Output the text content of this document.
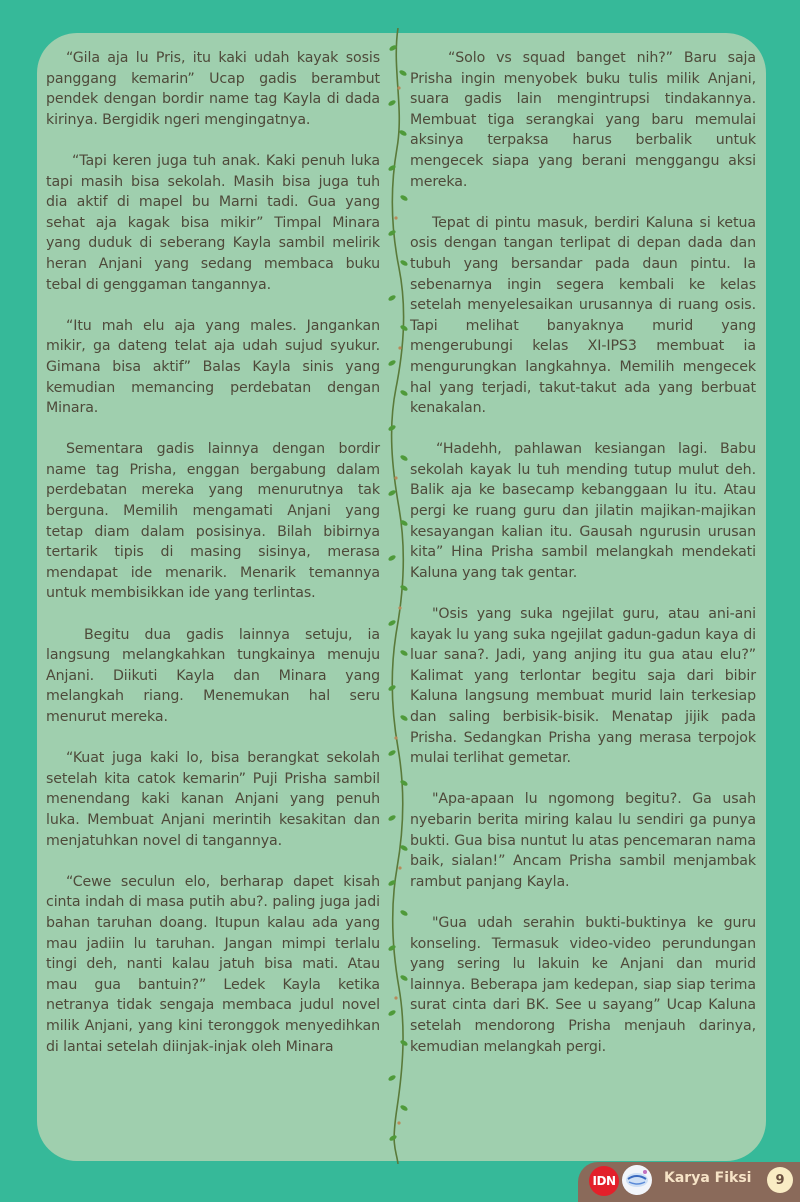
“Gila aja lu Pris, itu kaki udah kayak sosis panggang kemarin” Ucap gadis berambut pendek dengan bordir name tag Kayla di dada kirinya. Bergidik ngeri mengingatnya.

“Tapi keren juga tuh anak. Kaki penuh luka tapi masih bisa sekolah. Masih bisa juga tuh dia aktif di mapel bu Marni tadi. Gua yang sehat aja kagak bisa mikir” Timpal Minara yang duduk di seberang Kayla sambil melirik heran Anjani yang sedang membaca buku tebal di genggaman tangannya.

“Itu mah elu aja yang males. Jangankan mikir, ga dateng telat aja udah sujud syukur. Gimana bisa aktif” Balas Kayla sinis yang kemudian memancing perdebatan dengan Minara.

Sementara gadis lainnya dengan bordir name tag Prisha, enggan bergabung dalam perdebatan mereka yang menurutnya tak berguna. Memilih mengamati Anjani yang tetap diam dalam posisinya. Bilah bibirnya tertarik tipis di masing sisinya, merasa mendapat ide menarik. Menarik temannya untuk membisikkan ide yang terlintas.

Begitu dua gadis lainnya setuju, ia langsung melangkahkan tungkainya menuju Anjani. Diikuti Kayla dan Minara yang melangkah riang. Menemukan hal seru menurut mereka.

“Kuat juga kaki lo, bisa berangkat sekolah setelah kita catok kemarin” Puji Prisha sambil menendang kaki kanan Anjani yang penuh luka. Membuat Anjani merintih kesakitan dan menjatuhkan novel di tangannya.

“Cewe seculun elo, berharap dapet kisah cinta indah di masa putih abu?. paling juga jadi bahan taruhan doang. Itupun kalau ada yang mau jadiin lu taruhan. Jangan mimpi terlalu tingi deh, nanti kalau jatuh bisa mati. Atau mau gua bantuin?” Ledek Kayla ketika netranya tidak sengaja membaca judul novel milik Anjani, yang kini teronggok menyedihkan di lantai setelah diinjak-injak oleh Minara

“Solo vs squad banget nih?” Baru saja Prisha ingin menyobek buku tulis milik Anjani, suara gadis lain mengintrupsi tindakannya. Membuat tiga serangkai yang baru memulai aksinya terpaksa harus berbalik untuk mengecek siapa yang berani menggangu aksi mereka.

Tepat di pintu masuk, berdiri Kaluna si ketua osis dengan tangan terlipat di depan dada dan tubuh yang bersandar pada daun pintu. Ia sebenarnya ingin segera kembali ke kelas setelah menyelesaikan urusannya di ruang osis. Tapi melihat banyaknya murid yang mengerubungi kelas XI-IPS3 membuat ia mengurungkan langkahnya. Memilih mengecek hal yang terjadi, takut-takut ada yang berbuat kenakalan.

“Hadehh, pahlawan kesiangan lagi. Babu sekolah kayak lu tuh mending tutup mulut deh. Balik aja ke basecamp kebanggaan lu itu. Atau pergi ke ruang guru dan jilatin majikan-majikan kesayangan kalian itu. Gausah ngurusin urusan kita” Hina Prisha sambil melangkah mendekati Kaluna yang tak gentar.

"Osis yang suka ngejilat guru, atau ani-ani kayak lu yang suka ngejilat gadun-gadun kaya di luar sana?. Jadi, yang anjing itu gua atau elu?” Kalimat yang terlontar begitu saja dari bibir Kaluna langsung membuat murid lain terkesiap dan saling berbisik-bisik. Menatap jijik pada Prisha. Sedangkan Prisha yang merasa terpojok mulai terlihat gemetar.

"Apa-apaan lu ngomong begitu?. Ga usah nyebarin berita miring kalau lu sendiri ga punya bukti. Gua bisa nuntut lu atas pencemaran nama baik, sialan!” Ancam Prisha sambil menjambak rambut panjang Kayla.

"Gua udah serahin bukti-buktinya ke guru konseling. Termasuk video-video perundungan yang sering lu lakuin ke Anjani dan murid lainnya. Beberapa jam kedepan, siap siap terima surat cinta dari BK. See u sayang” Ucap Kaluna setelah mendorong Prisha menjauh darinya, kemudian melangkah pergi.

IDN	Karya Fiksi	9
